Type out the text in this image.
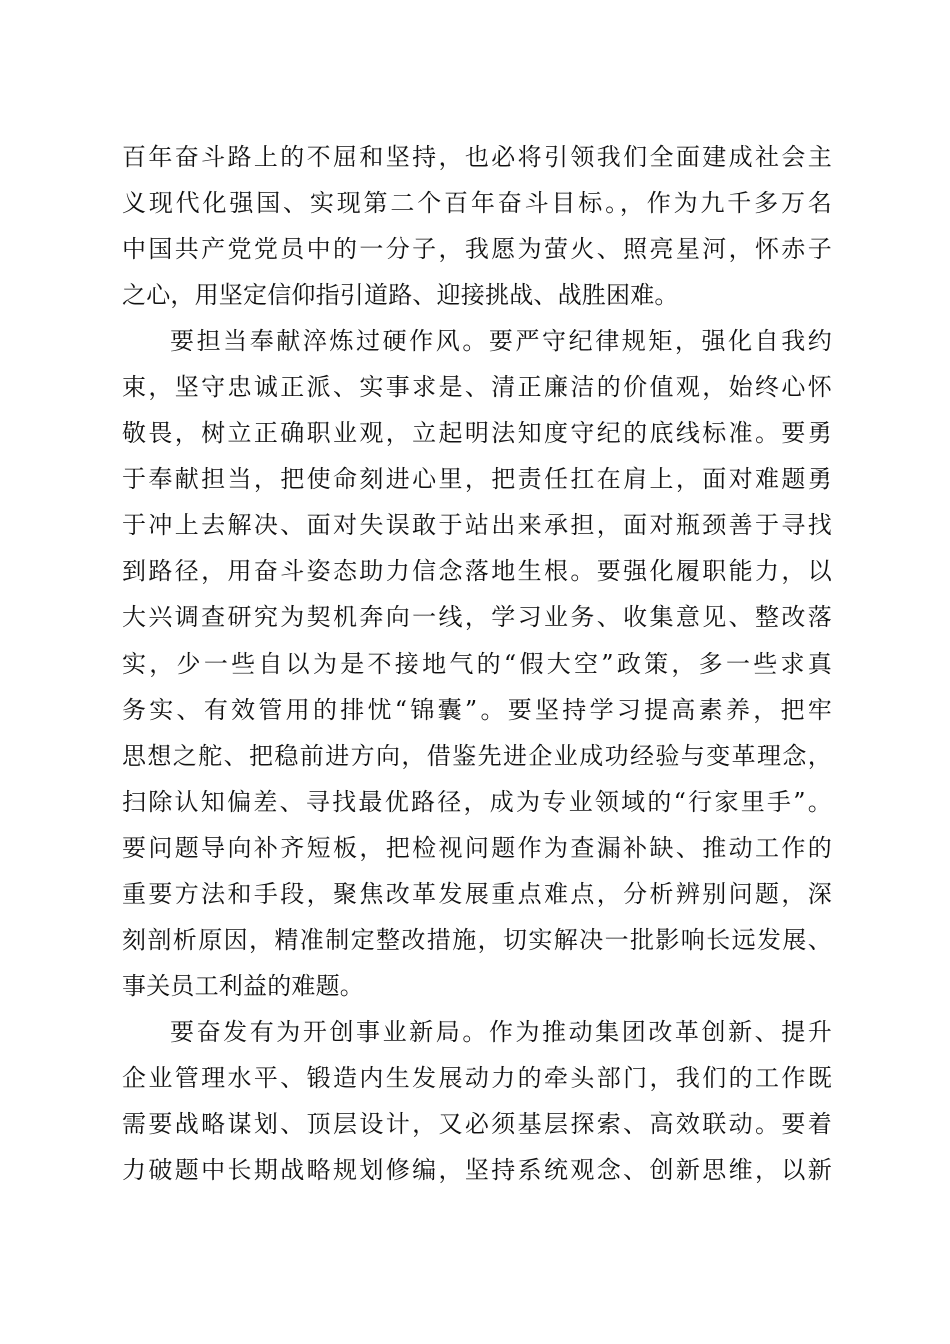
百年奋斗路上的不屈和坚持，也必将引领我们全面建成社会主
义现代化强国、实现第二个百年奋斗目标。，作为九千多万名
中国共产党党员中的一分子，我愿为萤火、照亮星河，怀赤子
之心，用坚定信仰指引道路、迎接挑战、战胜困难。
要担当奉献淬炼过硬作风。要严守纪律规矩，强化自我约
束，坚守忠诚正派、实事求是、清正廉洁的价值观，始终心怀
敬畏，树立正确职业观，立起明法知度守纪的底线标准。要勇
于奉献担当，把使命刻进心里，把责任扛在肩上，面对难题勇
于冲上去解决、面对失误敢于站出来承担，面对瓶颈善于寻找
到路径，用奋斗姿态助力信念落地生根。要强化履职能力，以
大兴调查研究为契机奔向一线，学习业务、收集意见、整改落
实，少一些自以为是不接地气的“假大空”政策，多一些求真
务实、有效管用的排忧“锦囊”。要坚持学习提高素养，把牢
思想之舵、把稳前进方向，借鉴先进企业成功经验与变革理念，
扫除认知偏差、寻找最优路径，成为专业领域的“行家里手”。
要问题导向补齐短板，把检视问题作为查漏补缺、推动工作的
重要方法和手段，聚焦改革发展重点难点，分析辨别问题，深
刻剖析原因，精准制定整改措施，切实解决一批影响长远发展、
事关员工利益的难题。
要奋发有为开创事业新局。作为推动集团改革创新、提升
企业管理水平、锻造内生发展动力的牵头部门，我们的工作既
需要战略谋划、顶层设计，又必须基层探索、高效联动。要着
力破题中长期战略规划修编，坚持系统观念、创新思维，以新
